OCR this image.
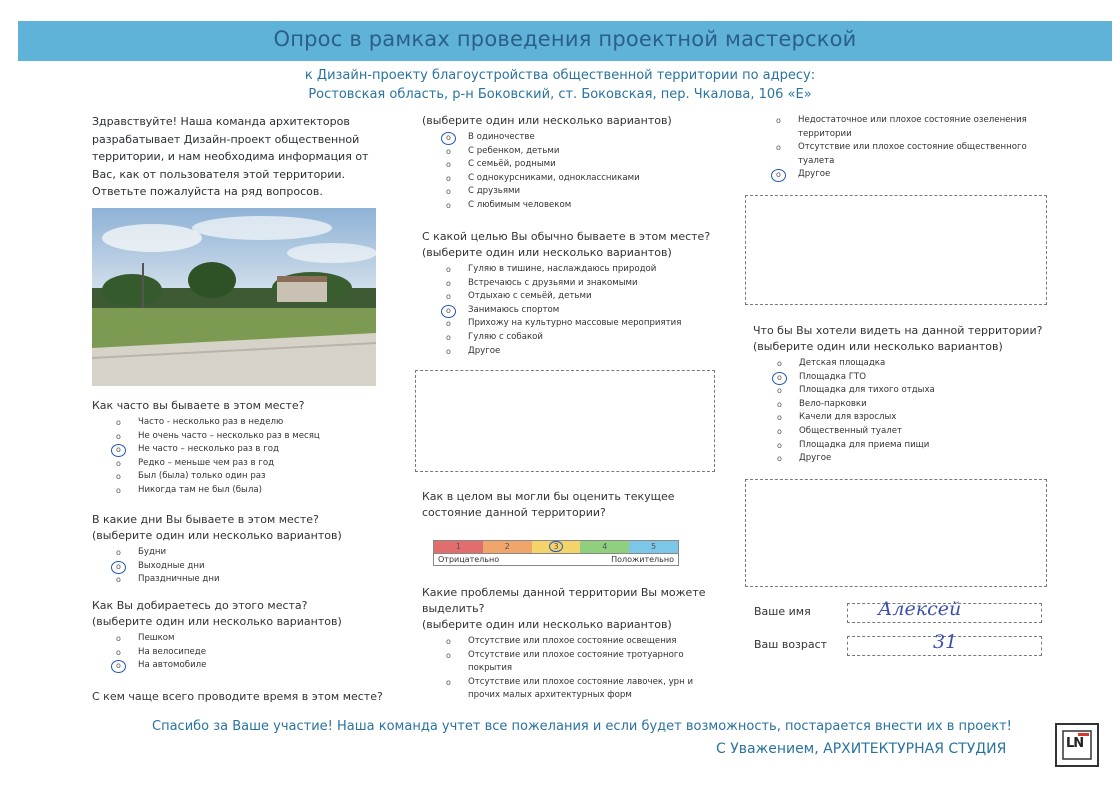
Опрос в рамках проведения проектной мастерской
к Дизайн-проекту благоустройства общественной территории по адресу:
Ростовская область, р-н Боковский, ст. Боковская, пер. Чкалова, 106 «Е»
Здравствуйте! Наша команда архитекторов
разрабатывает Дизайн-проект общественной
территории, и нам необходима информация от
Вас, как от пользователя этой территории.
Ответьте пожалуйста на ряд вопросов.
Как часто вы бываете в этом месте?
o Часто - несколько раз в неделю
o Не очень часто – несколько раз в месяц
o Не часто – несколько раз в год
o Редко – меньше чем раз в год
o Был (была) только один раз
o Никогда там не был (была)
В какие дни Вы бываете в этом месте?
(выберите один или несколько вариантов)
o Будни
o Выходные дни
o Праздничные дни
Как Вы добираетесь до этого места?
(выберите один или несколько вариантов)
o Пешком
o На велосипеде
o На автомобиле
С кем чаще всего проводите время в этом месте?
(выберите один или несколько вариантов)
o В одиночестве
o С ребенком, детьми
o С семьёй, родными
o С однокурсниками, одноклассниками
o С друзьями
o С любимым человеком
С какой целью Вы обычно бываете в этом месте?
(выберите один или несколько вариантов)
o Гуляю в тишине, наслаждаюсь природой
o Встречаюсь с друзьями и знакомыми
o Отдыхаю с семьёй, детьми
o Занимаюсь спортом
o Прихожу на культурно массовые мероприятия
o Гуляю с собакой
o Другое
Как в целом вы могли бы оценить текущее
состояние данной территории?
1	2	3	4	5
Отрицательно	Положительно
Какие проблемы данной территории Вы можете
выделить?
(выберите один или несколько вариантов)
o Отсутствие или плохое состояние освещения
o Отсутствие или плохое состояние тротуарного
покрытия
o Отсутствие или плохое состояние лавочек, урн и
прочих малых архитектурных форм
o Недостаточное или плохое состояние озеленения
территории
o Отсутствие или плохое состояние общественного
туалета
o Другое
Что бы Вы хотели видеть на данной территории?
(выберите один или несколько вариантов)
o Детская площадка
o Площадка ГТО
o Площадка для тихого отдыха
o Вело-парковки
o Качели для взрослых
o Общественный туалет
o Площадка для приема пищи
o Другое
Ваше имя	Алексей
Ваш возраст	31
Спасибо за Ваше участие! Наша команда учтет все пожелания и если будет возможность, постарается внести их в проект!
С Уважением, АРХИТЕКТУРНАЯ СТУДИЯ	LN
